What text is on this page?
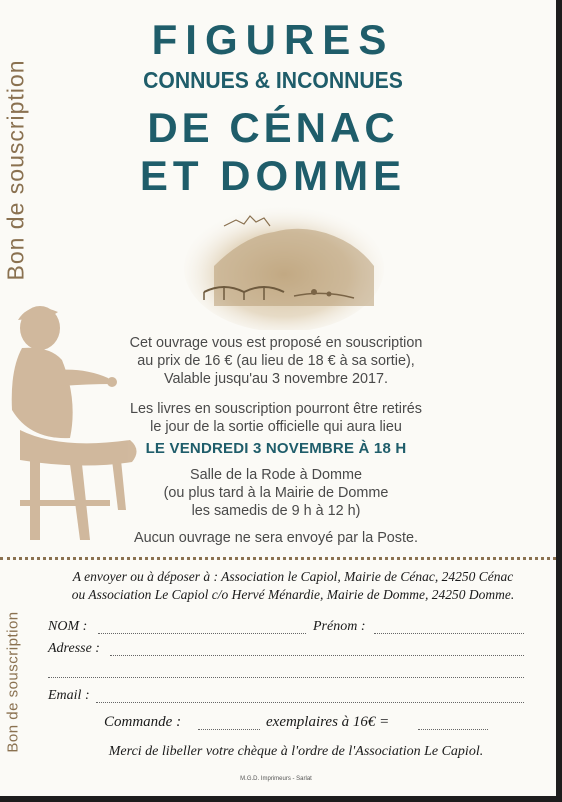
Bon de souscription
FIGURES
CONNUES & INCONNUES
DE CÉNAC
ET DOMME
Cet ouvrage vous est proposé en souscription
au prix de 16 € (au lieu de 18 € à sa sortie),
Valable jusqu'au 3 novembre 2017.
Les livres en souscription pourront être retirés
le jour de la sortie officielle qui aura lieu
LE VENDREDI 3 NOVEMBRE À 18 H
Salle de la Rode à Domme
(ou plus tard à la Mairie de Domme
les samedis de 9 h à 12 h)
Aucun ouvrage ne sera envoyé par la Poste.
Bon de souscription
A envoyer ou à déposer à : Association le Capiol, Mairie de Cénac, 24250 Cénac
ou Association Le Capiol c/o Hervé Ménardie, Mairie de Domme, 24250 Domme.
NOM :	Prénom :
Adresse :
Email :
Commande :	exemplaires à 16€ =
Merci de libeller votre chèque à l'ordre de l'Association Le Capiol.
M.G.D. Imprimeurs - Sarlat
